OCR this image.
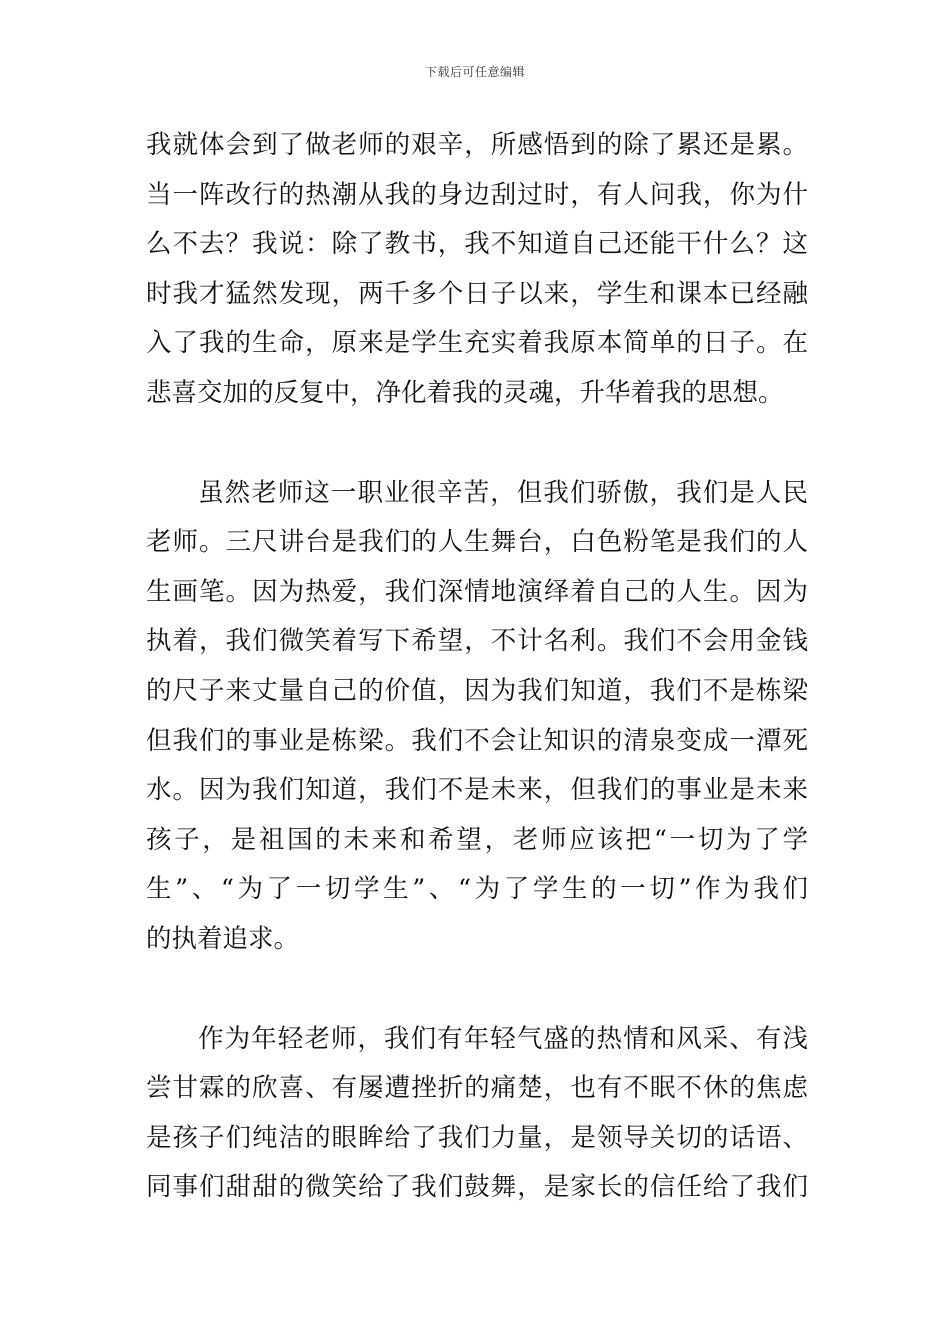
下载后可任意编辑
我就体会到了做老师的艰辛，所感悟到的除了累还是累。
当一阵改行的热潮从我的身边刮过时，有人问我，你为什
么不去？我说：除了教书，我不知道自己还能干什么？这
时我才猛然发现，两千多个日子以来，学生和课本已经融
入了我的生命，原来是学生充实着我原本简单的日子。在
悲喜交加的反复中，净化着我的灵魂，升华着我的思想。
虽然老师这一职业很辛苦，但我们骄傲，我们是人民
老师。三尺讲台是我们的人生舞台，白色粉笔是我们的人
生画笔。因为热爱，我们深情地演绎着自己的人生。因为
执着，我们微笑着写下希望，不计名利。我们不会用金钱
的尺子来丈量自己的价值，因为我们知道，我们不是栋梁
但我们的事业是栋梁。我们不会让知识的清泉变成一潭死
水。因为我们知道，我们不是未来，但我们的事业是未来
孩子，是祖国的未来和希望，老师应该把“一切为了学
生”、“为了一切学生”、“为了学生的一切”作为我们
的执着追求。
作为年轻老师，我们有年轻气盛的热情和风采、有浅
尝甘霖的欣喜、有屡遭挫折的痛楚，也有不眠不休的焦虑
是孩子们纯洁的眼眸给了我们力量，是领导关切的话语、
同事们甜甜的微笑给了我们鼓舞，是家长的信任给了我们
